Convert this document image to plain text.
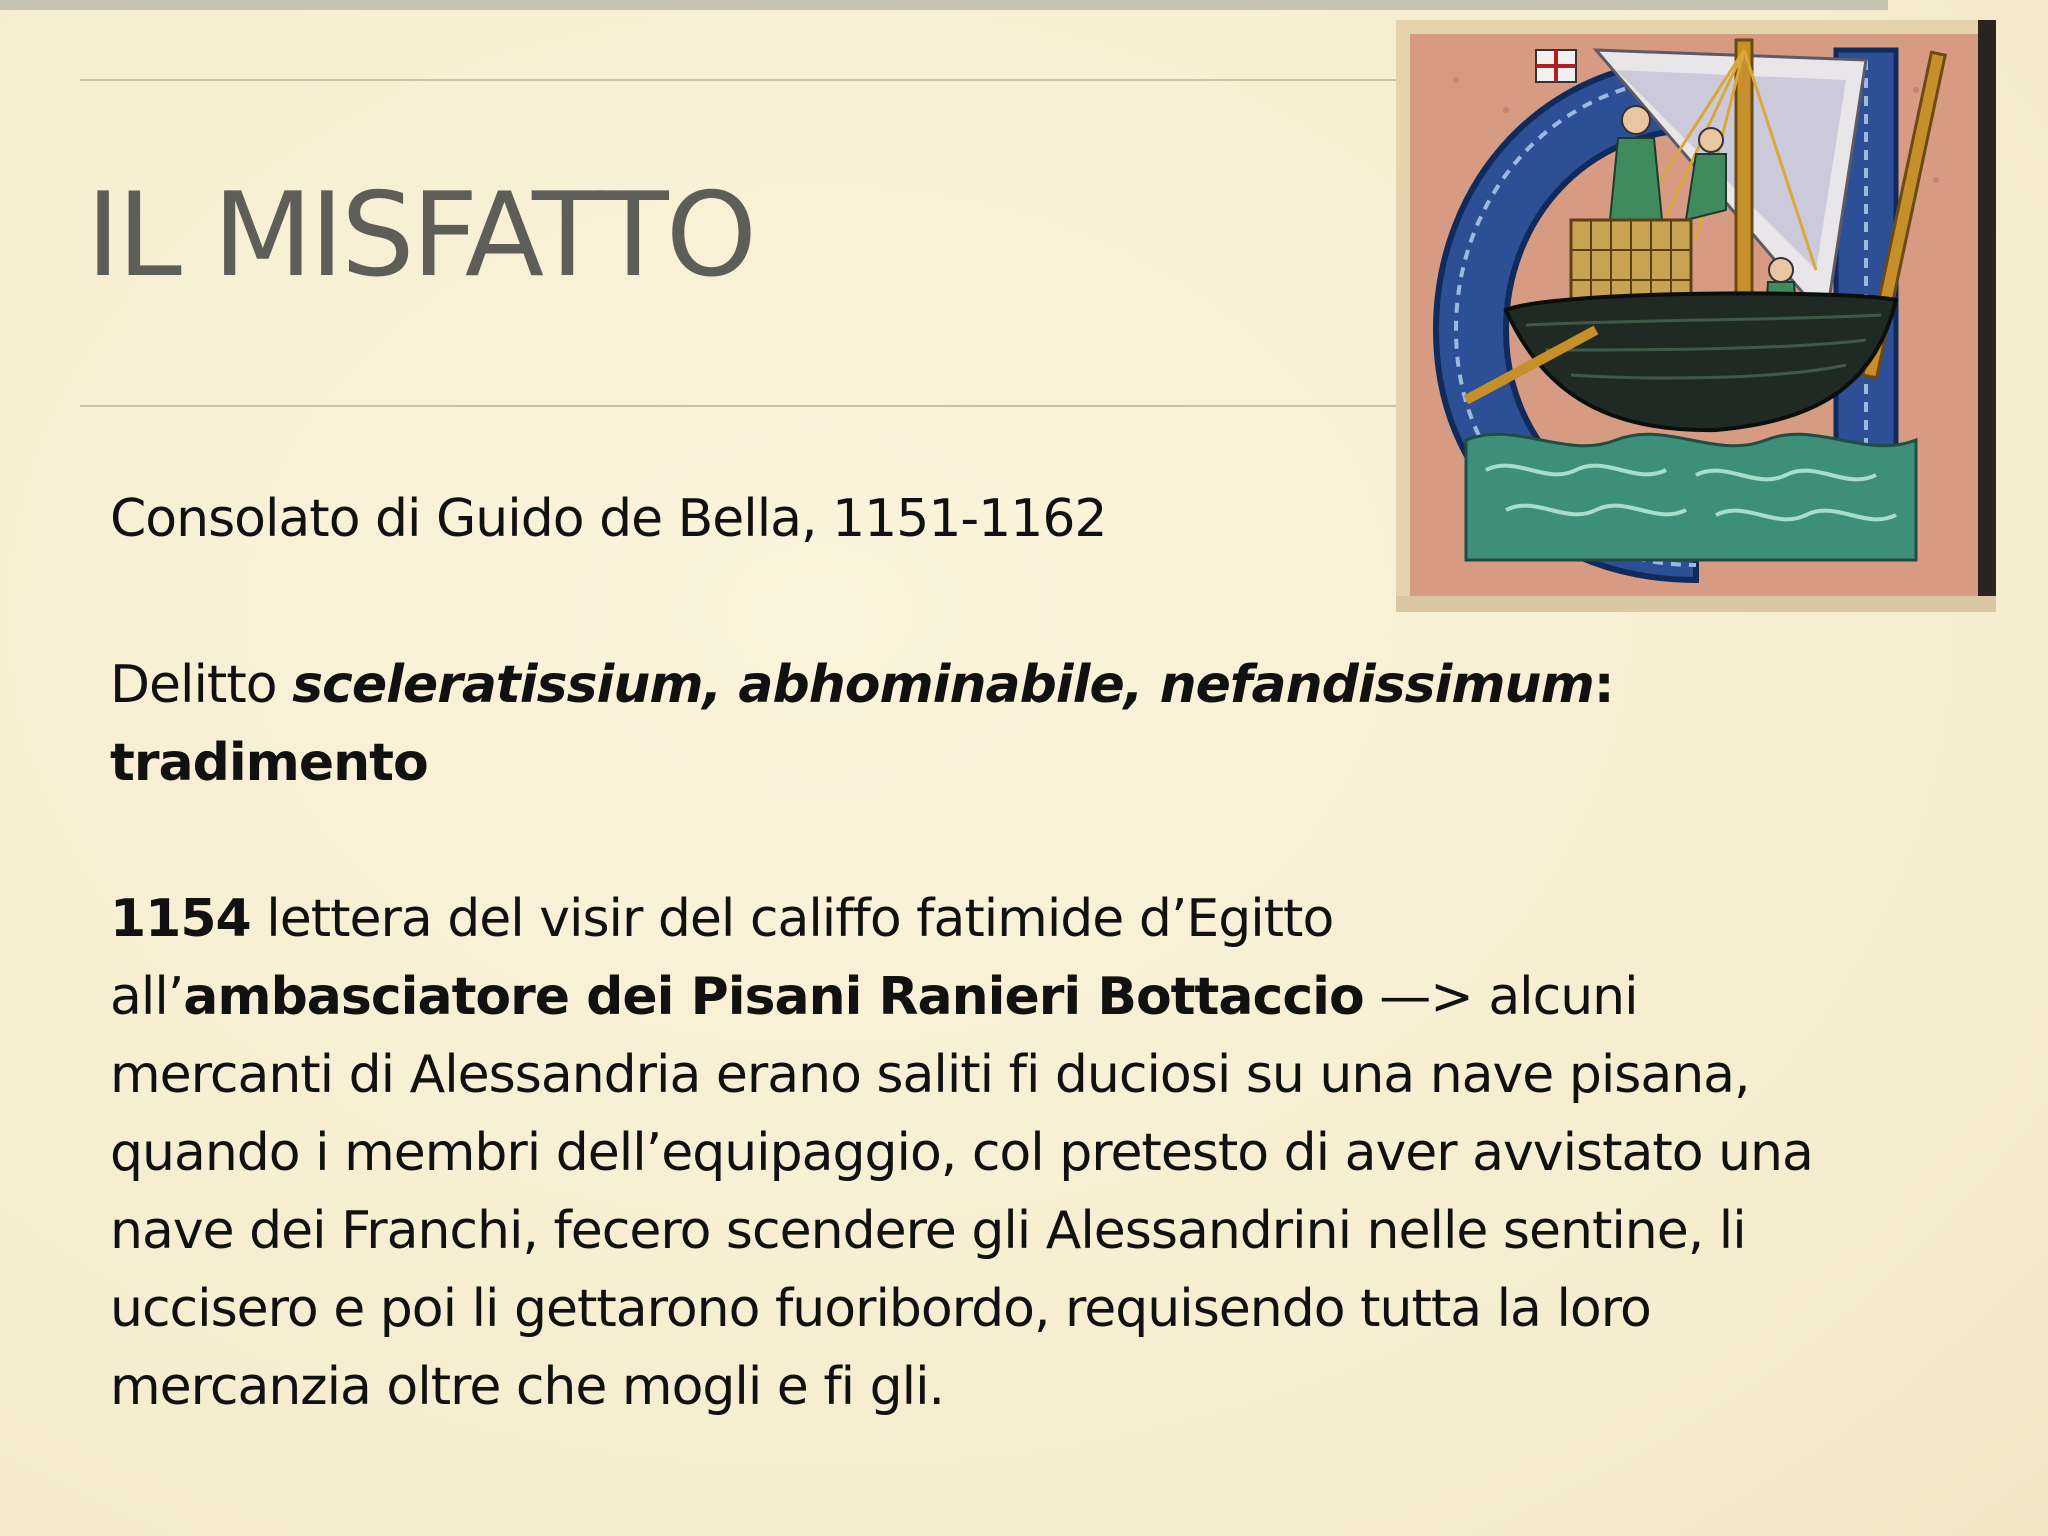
IL MISFATTO
Consolato di Guido de Bella, 1151-1162
Delitto sceleratissium, abhominabile, nefandissimum:
tradimento
1154 lettera del visir del califfo fatimide d’Egitto
all’ambasciatore dei Pisani Ranieri Bottaccio —> alcuni
mercanti di Alessandria erano saliti fi duciosi su una nave pisana,
quando i membri dell’equipaggio, col pretesto di aver avvistato una
nave dei Franchi, fecero scendere gli Alessandrini nelle sentine, li
uccisero e poi li gettarono fuoribordo, requisendo tutta la loro
mercanzia oltre che mogli e fi gli.
